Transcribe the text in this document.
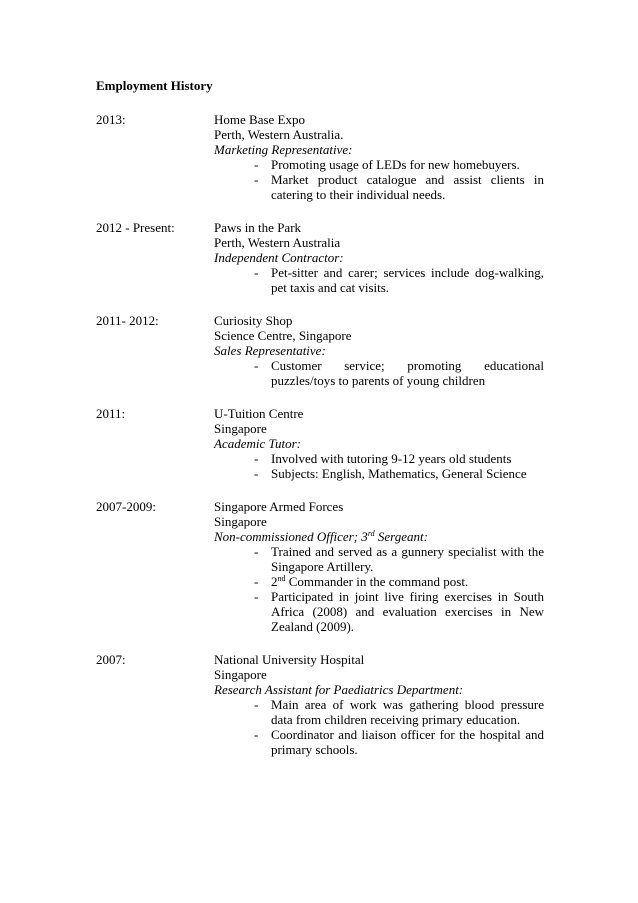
Employment History
2013:	Home Base Expo
Perth, Western Australia.
Marketing Representative:
- Promoting usage of LEDs for new homebuyers.
- Market product catalogue and assist clients in catering to their individual needs.
2012 - Present:	Paws in the Park
Perth, Western Australia
Independent Contractor:
- Pet-sitter and carer; services include dog-walking, pet taxis and cat visits.
2011- 2012:	Curiosity Shop
Science Centre, Singapore
Sales Representative:
- Customer service; promoting educational puzzles/toys to parents of young children
2011:	U-Tuition Centre
Singapore
Academic Tutor:
- Involved with tutoring 9-12 years old students
- Subjects: English, Mathematics, General Science
2007-2009:	Singapore Armed Forces
Singapore
Non-commissioned Officer; 3rd Sergeant:
- Trained and served as a gunnery specialist with the Singapore Artillery.
- 2nd Commander in the command post.
- Participated in joint live firing exercises in South Africa (2008) and evaluation exercises in New Zealand (2009).
2007:	National University Hospital
Singapore
Research Assistant for Paediatrics Department:
- Main area of work was gathering blood pressure data from children receiving primary education.
- Coordinator and liaison officer for the hospital and primary schools.
